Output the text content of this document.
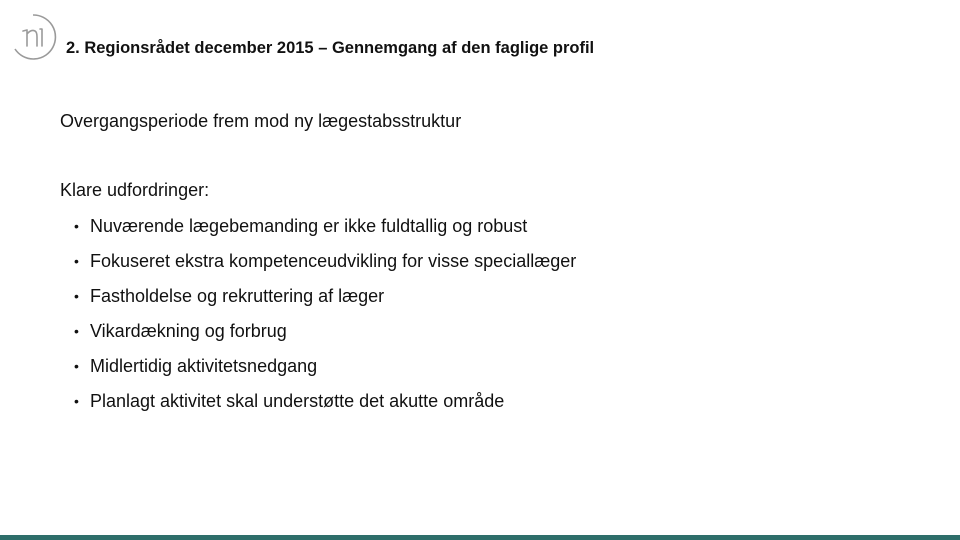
2. Regionsrådet december 2015 – Gennemgang af den faglige profil
Overgangsperiode frem mod ny lægestabsstruktur
Klare udfordringer:
• Nuværende lægebemanding er ikke fuldtallig og robust
• Fokuseret ekstra kompetenceudvikling for visse speciallæger
• Fastholdelse og rekruttering af læger
• Vikardækning og forbrug
• Midlertidig aktivitetsnedgang
• Planlagt aktivitet skal understøtte det akutte område
